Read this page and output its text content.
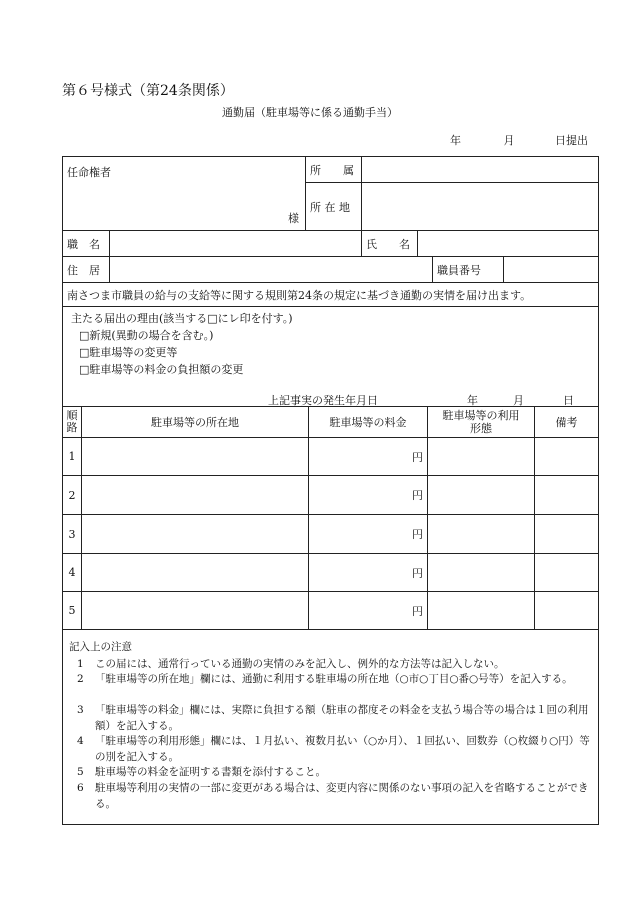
第６号様式（第24条関係）
通勤届（駐車場等に係る通勤手当）
年	月	日提出
任命権者
様
	所　　属	
所 在 地	

職　名	
		氏　　名	

住　居		職員番号	

南さつま市職員の給与の支給等に関する規則第24条の規定に基づき通勤の実情を届け出ます。
主たる届出の理由(該当する□にレ印を付す。)
□新規(異動の場合を含む。)
□駐車場等の変更等
□駐車場等の料金の負担額の変更
上記事実の発生年月日	年	月	日
順路	駐車場等の所在地	駐車場等の料金	駐車場等の利用形態	備考
1		円		
2		円		
3		円		
4		円		
5		円		
記入上の注意
1 この届には、通常行っている通勤の実情のみを記入し、例外的な方法等は記入しない。
2 「駐車場等の所在地」欄には、通勤に利用する駐車場の所在地（○市○丁目○番○号等）を記入する。
3 「駐車場等の料金」欄には、実際に負担する額（駐車の都度その料金を支払う場合等の場合は１回の利用額）を記入する。
4 「駐車場等の利用形態」欄には、１月払い、複数月払い（○か月）、１回払い、回数券（○枚綴り○円）等の別を記入する。
5 駐車場等の料金を証明する書類を添付すること。
6 駐車場等利用の実情の一部に変更がある場合は、変更内容に関係のない事項の記入を省略することができる。
